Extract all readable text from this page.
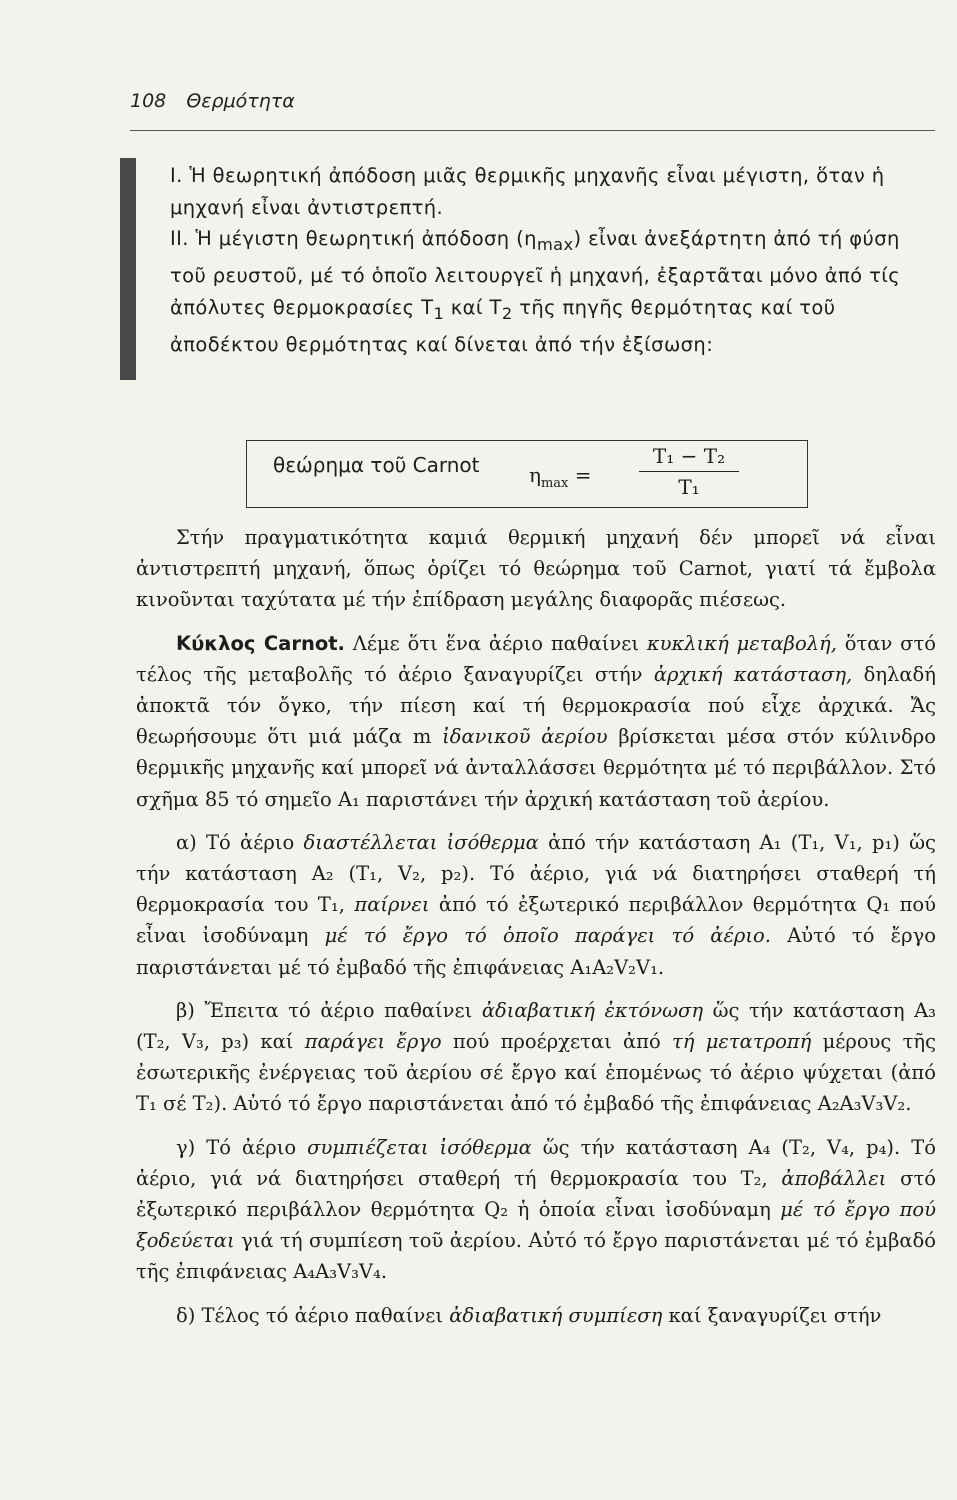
108 Θερμότητα

I. Ἡ θεωρητική ἀπόδοση μιᾶς θερμικῆς μηχανῆς εἶναι μέγιστη, ὅταν ἡ μηχανή εἶναι ἀντιστρεπτή.

II. Ἡ μέγιστη θεωρητική ἀπόδοση $(\eta_{max})$ εἶναι ἀνεξάρτητη ἀπό τή φύση τοῦ ρευστοῦ, μέ τό ὁποῖο λειτουργεῖ ἡ μηχανή, ἐξαρτᾶται μόνο ἀπό τίς ἀπόλυτες θερμοκρασίες $T_1$ καί $T_2$ τῆς πηγῆς θερμότητας καί τοῦ ἀποδέκτου θερμότητας καί δίνεται ἀπό τήν ἐξίσωση:

θεώρημα τοῦ Carnot $\eta_{max}$ =
T₁ − T₂
T₁

Στήν πραγματικότητα καμιά θερμική μηχανή δέν μπορεῖ νά εἶναι ἀντιστρεπτή μηχανή, ὅπως ὁρίζει τό θεώρημα τοῦ Carnot, γιατί τά ἔμβολα κινοῦνται ταχύτατα μέ τήν ἐπίδραση μεγάλης διαφορᾶς πιέσεως.

Κύκλος Carnot. Λέμε ὅτι ἕνα ἀέριο παθαίνει κυκλική μεταβολή, ὅταν στό τέλος τῆς μεταβολῆς τό ἀέριο ξαναγυρίζει στήν ἀρχική κατάσταση, δηλαδή ἀποκτᾶ τόν ὄγκο, τήν πίεση καί τή θερμοκρασία πού εἶχε ἀρχικά. Ἄς θεωρήσουμε ὅτι μιά μάζα m ἰδανικοῦ ἀερίου βρίσκεται μέσα στόν κύλινδρο θερμικῆς μηχανῆς καί μπορεῖ νά ἀνταλλάσσει θερμότητα μέ τό περιβάλλον. Στό σχῆμα 85 τό σημεῖο A₁ παριστάνει τήν ἀρχική κατάσταση τοῦ ἀερίου.

α) Τό ἀέριο διαστέλλεται ἰσόθερμα ἀπό τήν κατάσταση A₁ (T₁, V₁, p₁) ὥς τήν κατάσταση A₂ (T₁, V₂, p₂). Τό ἀέριο, γιά νά διατηρήσει σταθερή τή θερμοκρασία του T₁, παίρνει ἀπό τό ἐξωτερικό περιβάλλον θερμότητα Q₁ πού εἶναι ἰσοδύναμη μέ τό ἔργο τό ὁποῖο παράγει τό ἀέριο. Αὐτό τό ἔργο παριστάνεται μέ τό ἐμβαδό τῆς ἐπιφάνειας A₁A₂V₂V₁.

β) Ἔπειτα τό ἀέριο παθαίνει ἀδιαβατική ἐκτόνωση ὥς τήν κατάσταση A₃ (T₂, V₃, p₃) καί παράγει ἔργο πού προέρχεται ἀπό τή μετατροπή μέρους τῆς ἐσωτερικῆς ἐνέργειας τοῦ ἀερίου σέ ἔργο καί ἑπομένως τό ἀέριο ψύχεται (ἀπό T₁ σέ T₂). Αὐτό τό ἔργο παριστάνεται ἀπό τό ἐμβαδό τῆς ἐπιφάνειας A₂A₃V₃V₂.

γ) Τό ἀέριο συμπιέζεται ἰσόθερμα ὥς τήν κατάσταση A₄ (T₂, V₄, p₄). Τό ἀέριο, γιά νά διατηρήσει σταθερή τή θερμοκρασία του T₂, ἀποβάλλει στό ἐξωτερικό περιβάλλον θερμότητα Q₂ ἡ ὁποία εἶναι ἰσοδύναμη μέ τό ἔργο πού ξοδεύεται γιά τή συμπίεση τοῦ ἀερίου. Αὐτό τό ἔργο παριστάνεται μέ τό ἐμβαδό τῆς ἐπιφάνειας A₄A₃V₃V₄.

δ) Τέλος τό ἀέριο παθαίνει ἀδιαβατική συμπίεση καί ξαναγυρίζει στήν
